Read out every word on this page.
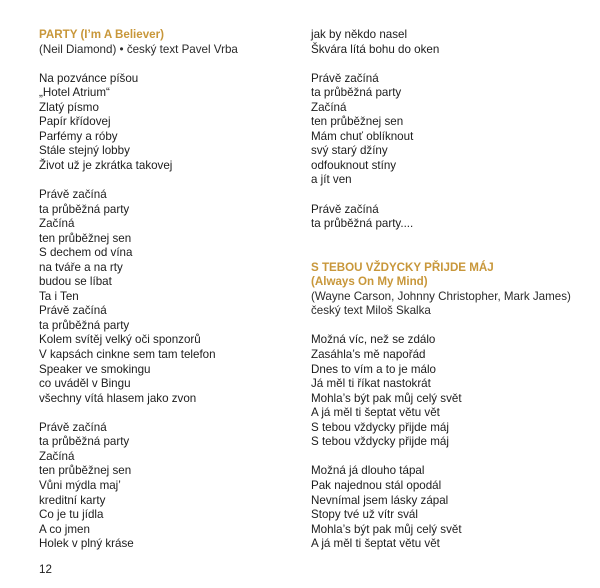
PARTY (I’m A Believer)
(Neil Diamond) • český text Pavel Vrba
Na pozvánce píšou
„Hotel Atrium“
Zlatý písmo
Papír křídovej
Parfémy a róby
Stále stejný lobby
Život už je zkrátka takovej
Právě začíná
ta průběžná party
Začíná
ten průběžnej sen
S dechem od vína
na tváře a na rty
budou se líbat
Ta i Ten
Právě začíná
ta průběžná party
Kolem svítěj velký oči sponzorů
V kapsách cinkne sem tam telefon
Speaker ve smokingu
co uváděl v Bingu
všechny vítá hlasem jako zvon
Právě začíná
ta průběžná party
Začíná
ten průběžnej sen
Vůni mýdla maj’
kreditní karty
Co je tu jídla
A co jmen
Holek v plný kráse
jak by někdo nasel
Škvára lítá bohu do oken
Právě začíná
ta průběžná party
Začíná
ten průběžnej sen
Mám chuť oblíknout
svý starý džíny
odfouknout stíny
a jít ven
Právě začíná
ta průběžná party....
S TEBOU VŽDYCKY PŘIJDE MÁJ
(Always On My Mind)
(Wayne Carson, Johnny Christopher, Mark James)
český text Miloš Skalka
Možná víc, než se zdálo
Zasáhla’s mě napořád
Dnes to vím a to je málo
Já měl ti říkat nastokrát
Mohla’s být pak můj celý svět
A já měl ti šeptat větu vět
S tebou vždycky přijde máj
S tebou vždycky přijde máj
Možná já dlouho tápal
Pak najednou stál opodál
Nevnímal jsem lásky zápal
Stopy tvé už vítr svál
Mohla’s být pak můj celý svět
A já měl ti šeptat větu vět
12
